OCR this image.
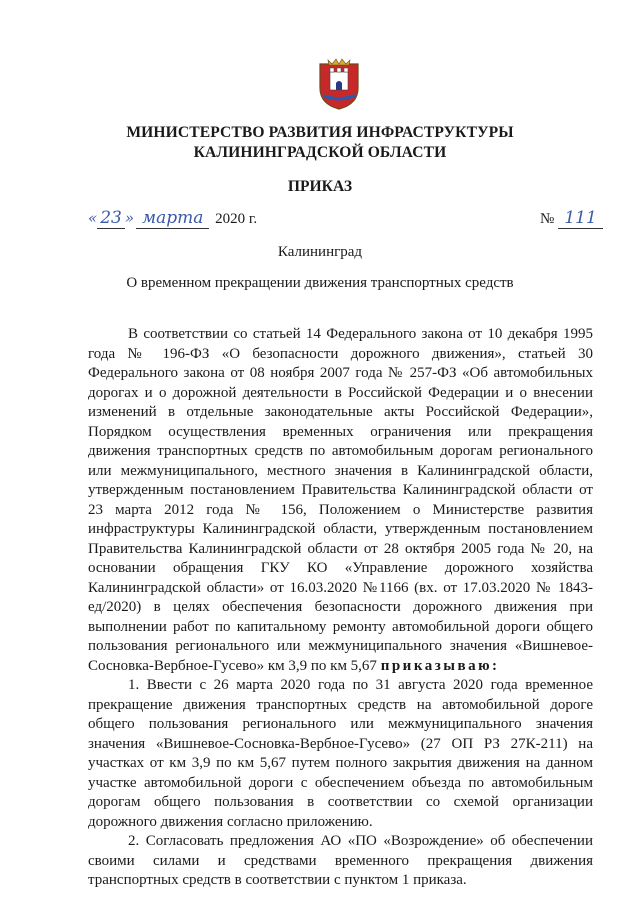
МИНИСТЕРСТВО РАЗВИТИЯ ИНФРАСТРУКТУРЫ
КАЛИНИНГРАДСКОЙ ОБЛАСТИ
ПРИКАЗ
« 23 » марта 2020 г.	№ 111
Калининград
О временном прекращении движения транспортных средств

В соответствии со статьей 14 Федерального закона от 10 декабря 1995 года № 196-ФЗ «О безопасности дорожного движения», статьей 30 Федерального закона от 08 ноября 2007 года № 257-ФЗ «Об автомобильных дорогах и о дорожной деятельности в Российской Федерации и о внесении изменений в отдельные законодательные акты Российской Федерации», Порядком осуществления временных ограничения или прекращения движения транспортных средств по автомобильным дорогам регионального или межмуниципального, местного значения в Калининградской области, утвержденным постановлением Правительства Калининградской области от 23 марта 2012 года № 156, Положением о Министерстве развития инфраструктуры Калининградской области, утвержденным постановлением Правительства Калининградской области от 28 октября 2005 года № 20, на основании обращения ГКУ КО «Управление дорожного хозяйства Калининградской области» от 16.03.2020 №1166 (вх. от 17.03.2020 № 1843-ед/2020) в целях обеспечения безопасности дорожного движения при выполнении работ по капитальному ремонту автомобильной дороги общего пользования регионального или межмуниципального значения «Вишневое-Сосновка-Вербное-Гусево» км 3,9 по км 5,67 приказываю:

1. Ввести с 26 марта 2020 года по 31 августа 2020 года временное прекращение движения транспортных средств на автомобильной дороге общего пользования регионального или межмуниципального значения значения «Вишневое-Сосновка-Вербное-Гусево» (27 ОП РЗ 27К-211) на участках от км 3,9 по км 5,67 путем полного закрытия движения на данном участке автомобильной дороги с обеспечением объезда по автомобильным дорогам общего пользования в соответствии со схемой организации дорожного движения согласно приложению.

2. Согласовать предложения АО «ПО «Возрождение» об обеспечении своими силами и средствами временного прекращения движения транспортных средств в соответствии с пунктом 1 приказа.
